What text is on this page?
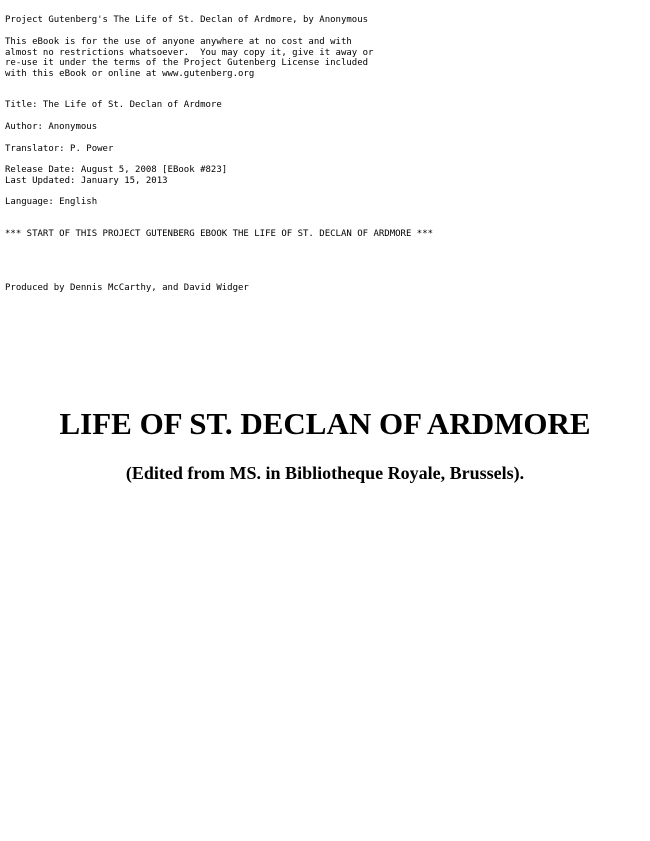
Project Gutenberg's The Life of St. Declan of Ardmore, by Anonymous
This eBook is for the use of anyone anywhere at no cost and with
almost no restrictions whatsoever.  You may copy it, give it away or
re-use it under the terms of the Project Gutenberg License included
with this eBook or online at www.gutenberg.org
Title: The Life of St. Declan of Ardmore
Author: Anonymous
Translator: P. Power
Release Date: August 5, 2008 [EBook #823]
Last Updated: January 15, 2013
Language: English
*** START OF THIS PROJECT GUTENBERG EBOOK THE LIFE OF ST. DECLAN OF ARDMORE ***
Produced by Dennis McCarthy, and David Widger
LIFE OF ST. DECLAN OF ARDMORE
(Edited from MS. in Bibliotheque Royale, Brussels).
